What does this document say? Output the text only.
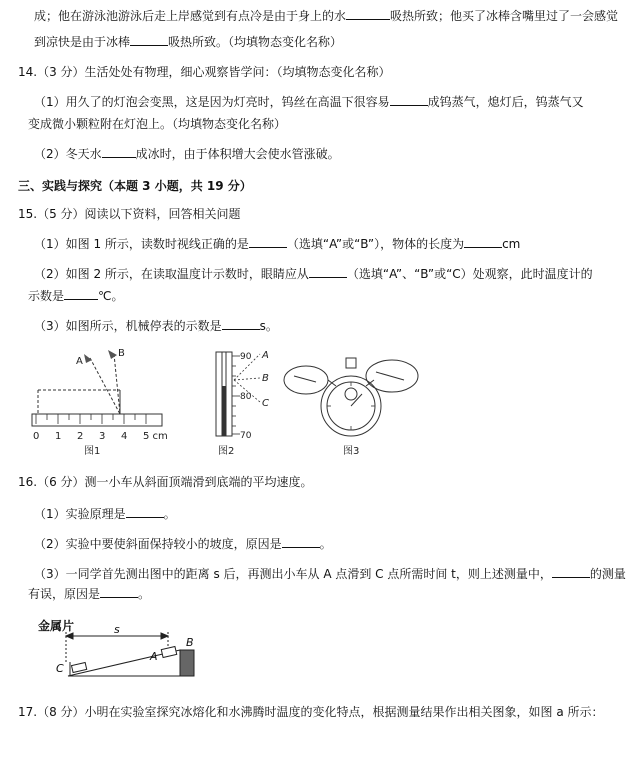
成；他在游泳池游泳后走上岸感觉到有点冷是由于身上的水	吸热所致；他买了冰棒含嘴里过了一会感觉
到凉快是由于冰棒	吸热所致。（均填物态变化名称）
14.（3 分）生活处处有物理，细心观察皆学问：（均填物态变化名称）
（1）用久了的灯泡会变黑，这是因为灯亮时，钨丝在高温下很容易	成钨蒸气，熄灯后，钨蒸气又
变成微小颗粒附在灯泡上。（均填物态变化名称）
（2）冬天水	成冰时，由于体积增大会使水管涨破。
三、实践与探究（本题 3 小题，共 19 分）
15.（5 分）阅读以下资料，回答相关问题
（1）如图 1 所示，读数时视线正确的是	（选填“A”或“B”），物体的长度为	cm
（2）如图 2 所示，在读取温度计示数时，眼睛应从	（选填“A”、“B”或“C）处观察，此时温度计的
示数是	℃。
（3）如图所示，机械停表的示数是	s。
A
B
0 1 2 3 4 5 cm
图1
90
80
70
A
B
C
图2	图3
16.（6 分）测一小车从斜面顶端滑到底端的平均速度。
（1）实验原理是	。
（2）实验中要使斜面保持较小的坡度，原因是	。
（3）一同学首先测出图中的距离 s 后，再测出小车从 A 点滑到 C 点所需时间 t，则上述测量中，	的测量
有误，原因是	。
金属片	s
A
B
C
17.（8 分）小明在实验室探究冰熔化和水沸腾时温度的变化特点，根据测量结果作出相关图象，如图 a 所示：
